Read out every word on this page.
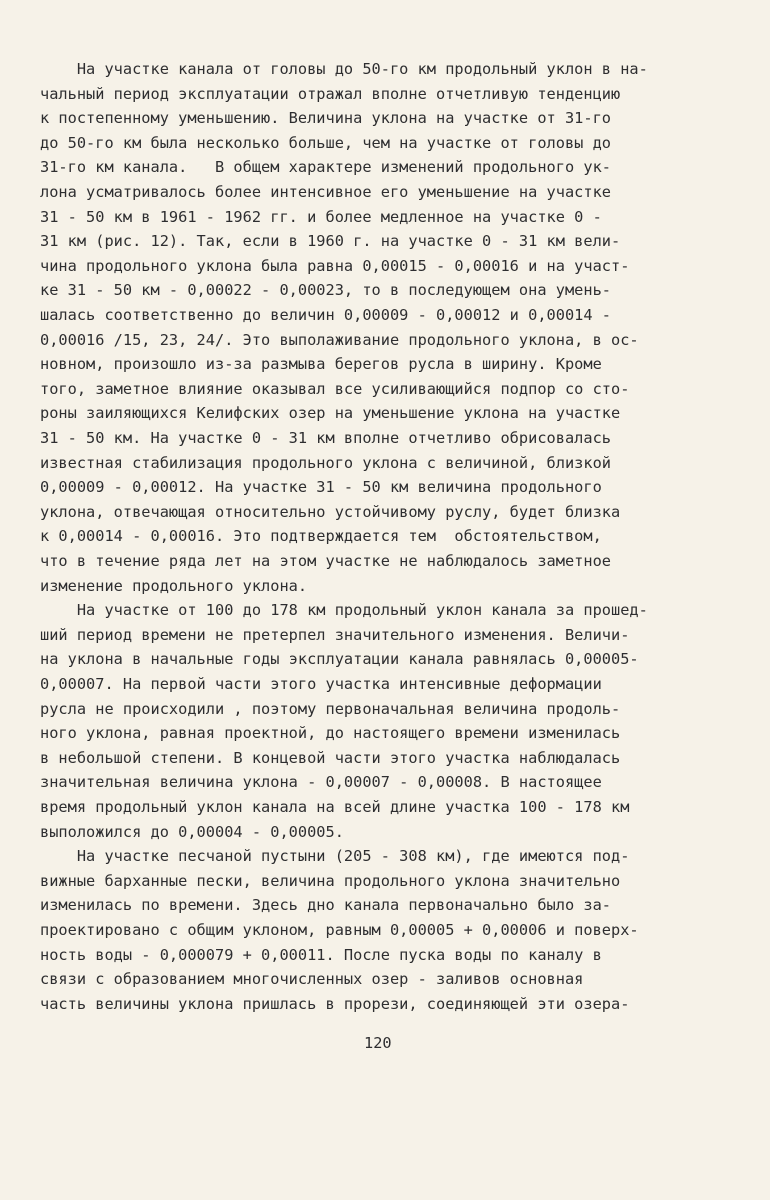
На участке канала от головы до 50-го км продольный уклон в на-
чальный период эксплуатации отражал вполне отчетливую тенденцию
к постепенному уменьшению. Величина уклона на участке от 31-го
до 50-го км была несколько больше, чем на участке от головы до
31-го км канала.   В общем характере изменений продольного ук-
лона усматривалось более интенсивное его уменьшение на участке
31 - 50 км в 1961 - 1962 гг. и более медленное на участке 0 -
31 км (рис. 12). Так, если в 1960 г. на участке 0 - 31 км вели-
чина продольного уклона была равна 0,00015 - 0,00016 и на участ-
ке 31 - 50 км - 0,00022 - 0,00023, то в последующем она умень-
шалась соответственно до величин 0,00009 - 0,00012 и 0,00014 -
0,00016 /15, 23, 24/. Это выполаживание продольного уклона, в ос-
новном, произошло из-за размыва берегов русла в ширину. Кроме
того, заметное влияние оказывал все усиливающийся подпор со сто-
роны заиляющихся Келифских озер на уменьшение уклона на участке
31 - 50 км. На участке 0 - 31 км вполне отчетливо обрисовалась
известная стабилизация продольного уклона с величиной, близкой
0,00009 - 0,00012. На участке 31 - 50 км величина продольного
уклона, отвечающая относительно устойчивому руслу, будет близка
к 0,00014 - 0,00016. Это подтверждается тем  обстоятельством,
что в течение ряда лет на этом участке не наблюдалось заметное
изменение продольного уклона.
На участке от 100 до 178 км продольный уклон канала за прошед-
ший период времени не претерпел значительного изменения. Величи-
на уклона в начальные годы эксплуатации канала равнялась 0,00005-
0,00007. На первой части этого участка интенсивные деформации
русла не происходили , поэтому первоначальная величина продоль-
ного уклона, равная проектной, до настоящего времени изменилась
в небольшой степени. В концевой части этого участка наблюдалась
значительная величина уклона - 0,00007 - 0,00008. В настоящее
время продольный уклон канала на всей длине участка 100 - 178 км
выположился до 0,00004 - 0,00005.
На участке песчаной пустыни (205 - 308 км), где имеются под-
вижные барханные пески, величина продольного уклона значительно
изменилась по времени. Здесь дно канала первоначально было за-
проектировано с общим уклоном, равным 0,00005 + 0,00006 и поверх-
ность воды - 0,000079 + 0,00011. После пуска воды по каналу в
связи с образованием многочисленных озер - заливов основная
часть величины уклона пришлась в прорези, соединяющей эти озера-
120
